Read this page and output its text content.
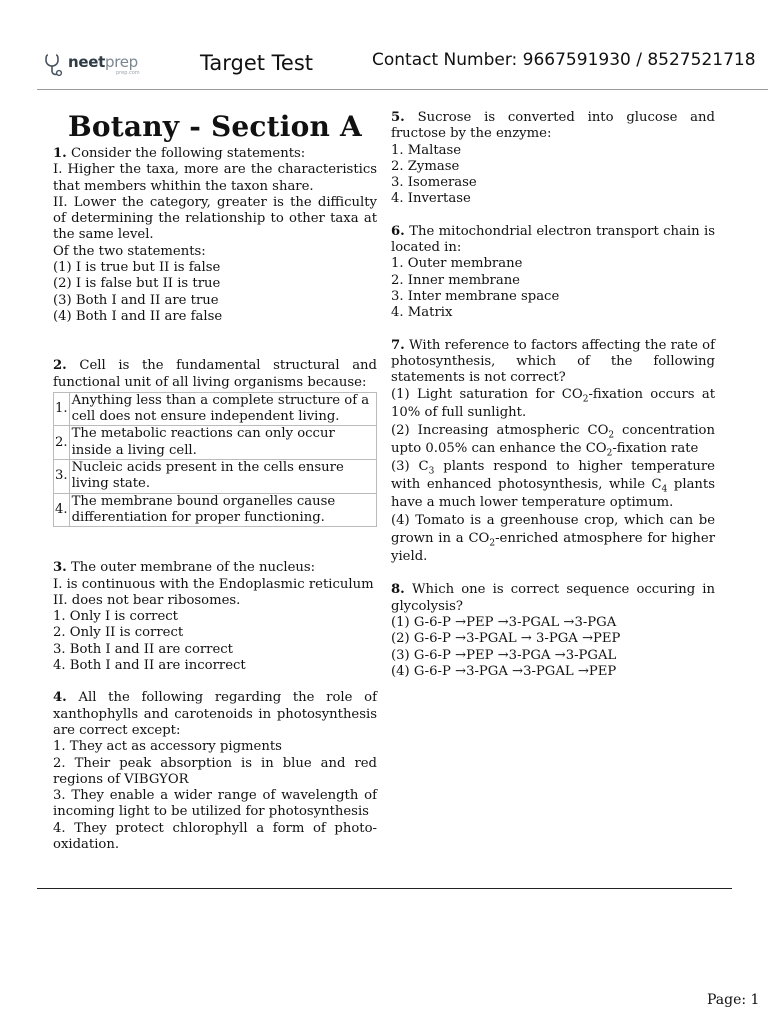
neetprep
prep.com	Target Test	Contact Number: 9667591930 / 8527521718
Botany - Section A

1. Consider the following statements:

I. Higher the taxa, more are the characteristics that members whithin the taxon share.

II. Lower the category, greater is the difficulty of determining the relationship to other taxa at the same level.

Of the two statements:

(1) I is true but II is false

(2) I is false but II is true

(3) Both I and II are true

(4) Both I and II are false

2. Cell is the fundamental structural and functional unit of all living organisms because:

1.	Anything less than a complete structure of a cell does not ensure independent living.
2.	The metabolic reactions can only occur inside a living cell.
3.	Nucleic acids present in the cells ensure living state.
4.	The membrane bound organelles cause differentiation for proper functioning.

3. The outer membrane of the nucleus:

I. is continuous with the Endoplasmic reticulum

II. does not bear ribosomes.

1. Only I is correct

2. Only II is correct

3. Both I and II are correct

4. Both I and II are incorrect

4. All the following regarding the role of xanthophylls and carotenoids in photosynthesis are correct except:

1. They act as accessory pigments

2. Their peak absorption is in blue and red regions of VIBGYOR

3. They enable a wider range of wavelength of incoming light to be utilized for photosynthesis

4. They protect chlorophyll a form of photo-oxidation.

5. Sucrose is converted into glucose and fructose by the enzyme:

1. Maltase

2. Zymase

3. Isomerase

4. Invertase

6. The mitochondrial electron transport chain is located in:

1. Outer membrane

2. Inner membrane

3. Inter membrane space

4. Matrix

7. With reference to factors affecting the rate of photosynthesis, which of the following statements is not correct?

(1) Light saturation for $CO_2$-fixation occurs at 10% of full sunlight.

(2) Increasing atmospheric $CO_2$ concentration upto 0.05% can enhance the $CO_2$-fixation rate

(3) $C_3$ plants respond to higher temperature with enhanced photosynthesis, while $C_4$ plants have a much lower temperature optimum.

(4) Tomato is a greenhouse crop, which can be grown in a $CO_2$-enriched atmosphere for higher yield.

8. Which one is correct sequence occuring in glycolysis?

(1) G-6-P →PEP →3-PGAL →3-PGA

(2) G-6-P →3-PGAL → 3-PGA →PEP

(3) G-6-P →PEP →3-PGA →3-PGAL

(4) G-6-P →3-PGA →3-PGAL →PEP

Page: 1
